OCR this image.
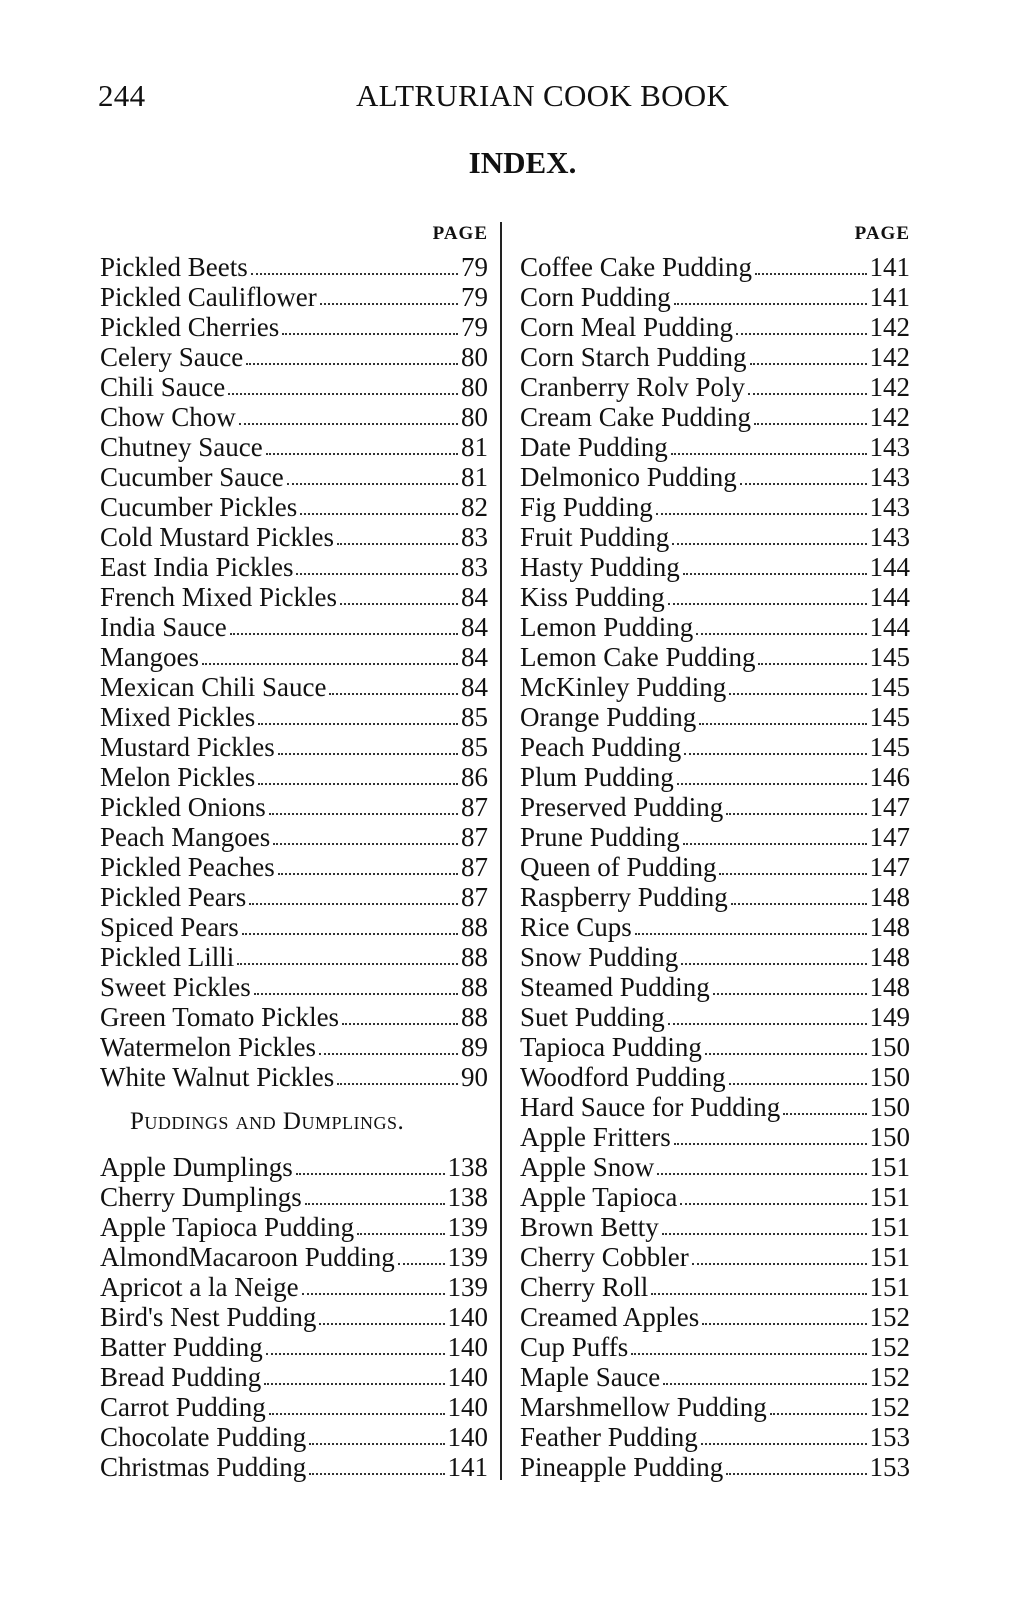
244	ALTRURIAN COOK BOOK
INDEX.
PAGE
Pickled Beets	79
Pickled Cauliflower	79
Pickled Cherries	79
Celery Sauce	80
Chili Sauce	80
Chow Chow	80
Chutney Sauce	81
Cucumber Sauce	81
Cucumber Pickles	82
Cold Mustard Pickles	83
East India Pickles	83
French Mixed Pickles	84
India Sauce	84
Mangoes	84
Mexican Chili Sauce	84
Mixed Pickles	85
Mustard Pickles	85
Melon Pickles	86
Pickled Onions	87
Peach Mangoes	87
Pickled Peaches	87
Pickled Pears	87
Spiced Pears	88
Pickled Lilli	88
Sweet Pickles	88
Green Tomato Pickles	88
Watermelon Pickles	89
White Walnut Pickles	90
Puddings and Dumplings.
Apple Dumplings	138
Cherry Dumplings	138
Apple Tapioca Pudding	139
AlmondMacaroon Pudding 139
Apricot a la Neige	139
Bird's Nest Pudding	140
Batter Pudding	140
Bread Pudding	140
Carrot Pudding	140
Chocolate Pudding	140
Christmas Pudding	141
PAGE
Coffee Cake Pudding	141
Corn Pudding	141
Corn Meal Pudding	142
Corn Starch Pudding	142
Cranberry Rolv Poly	142
Cream Cake Pudding	142
Date Pudding	143
Delmonico Pudding	143
Fig Pudding	143
Fruit Pudding	143
Hasty Pudding	144
Kiss Pudding	144
Lemon Pudding	144
Lemon Cake Pudding	145
McKinley Pudding	145
Orange Pudding	145
Peach Pudding	145
Plum Pudding	146
Preserved Pudding	147
Prune Pudding	147
Queen of Pudding	147
Raspberry Pudding	148
Rice Cups	148
Snow Pudding	148
Steamed Pudding	148
Suet Pudding	149
Tapioca Pudding	150
Woodford Pudding	150
Hard Sauce for Pudding	150
Apple Fritters	150
Apple Snow	151
Apple Tapioca	151
Brown Betty	151
Cherry Cobbler	151
Cherry Roll	151
Creamed Apples	152
Cup Puffs	152
Maple Sauce	152
Marshmellow Pudding	152
Feather Pudding	153
Pineapple Pudding	153
